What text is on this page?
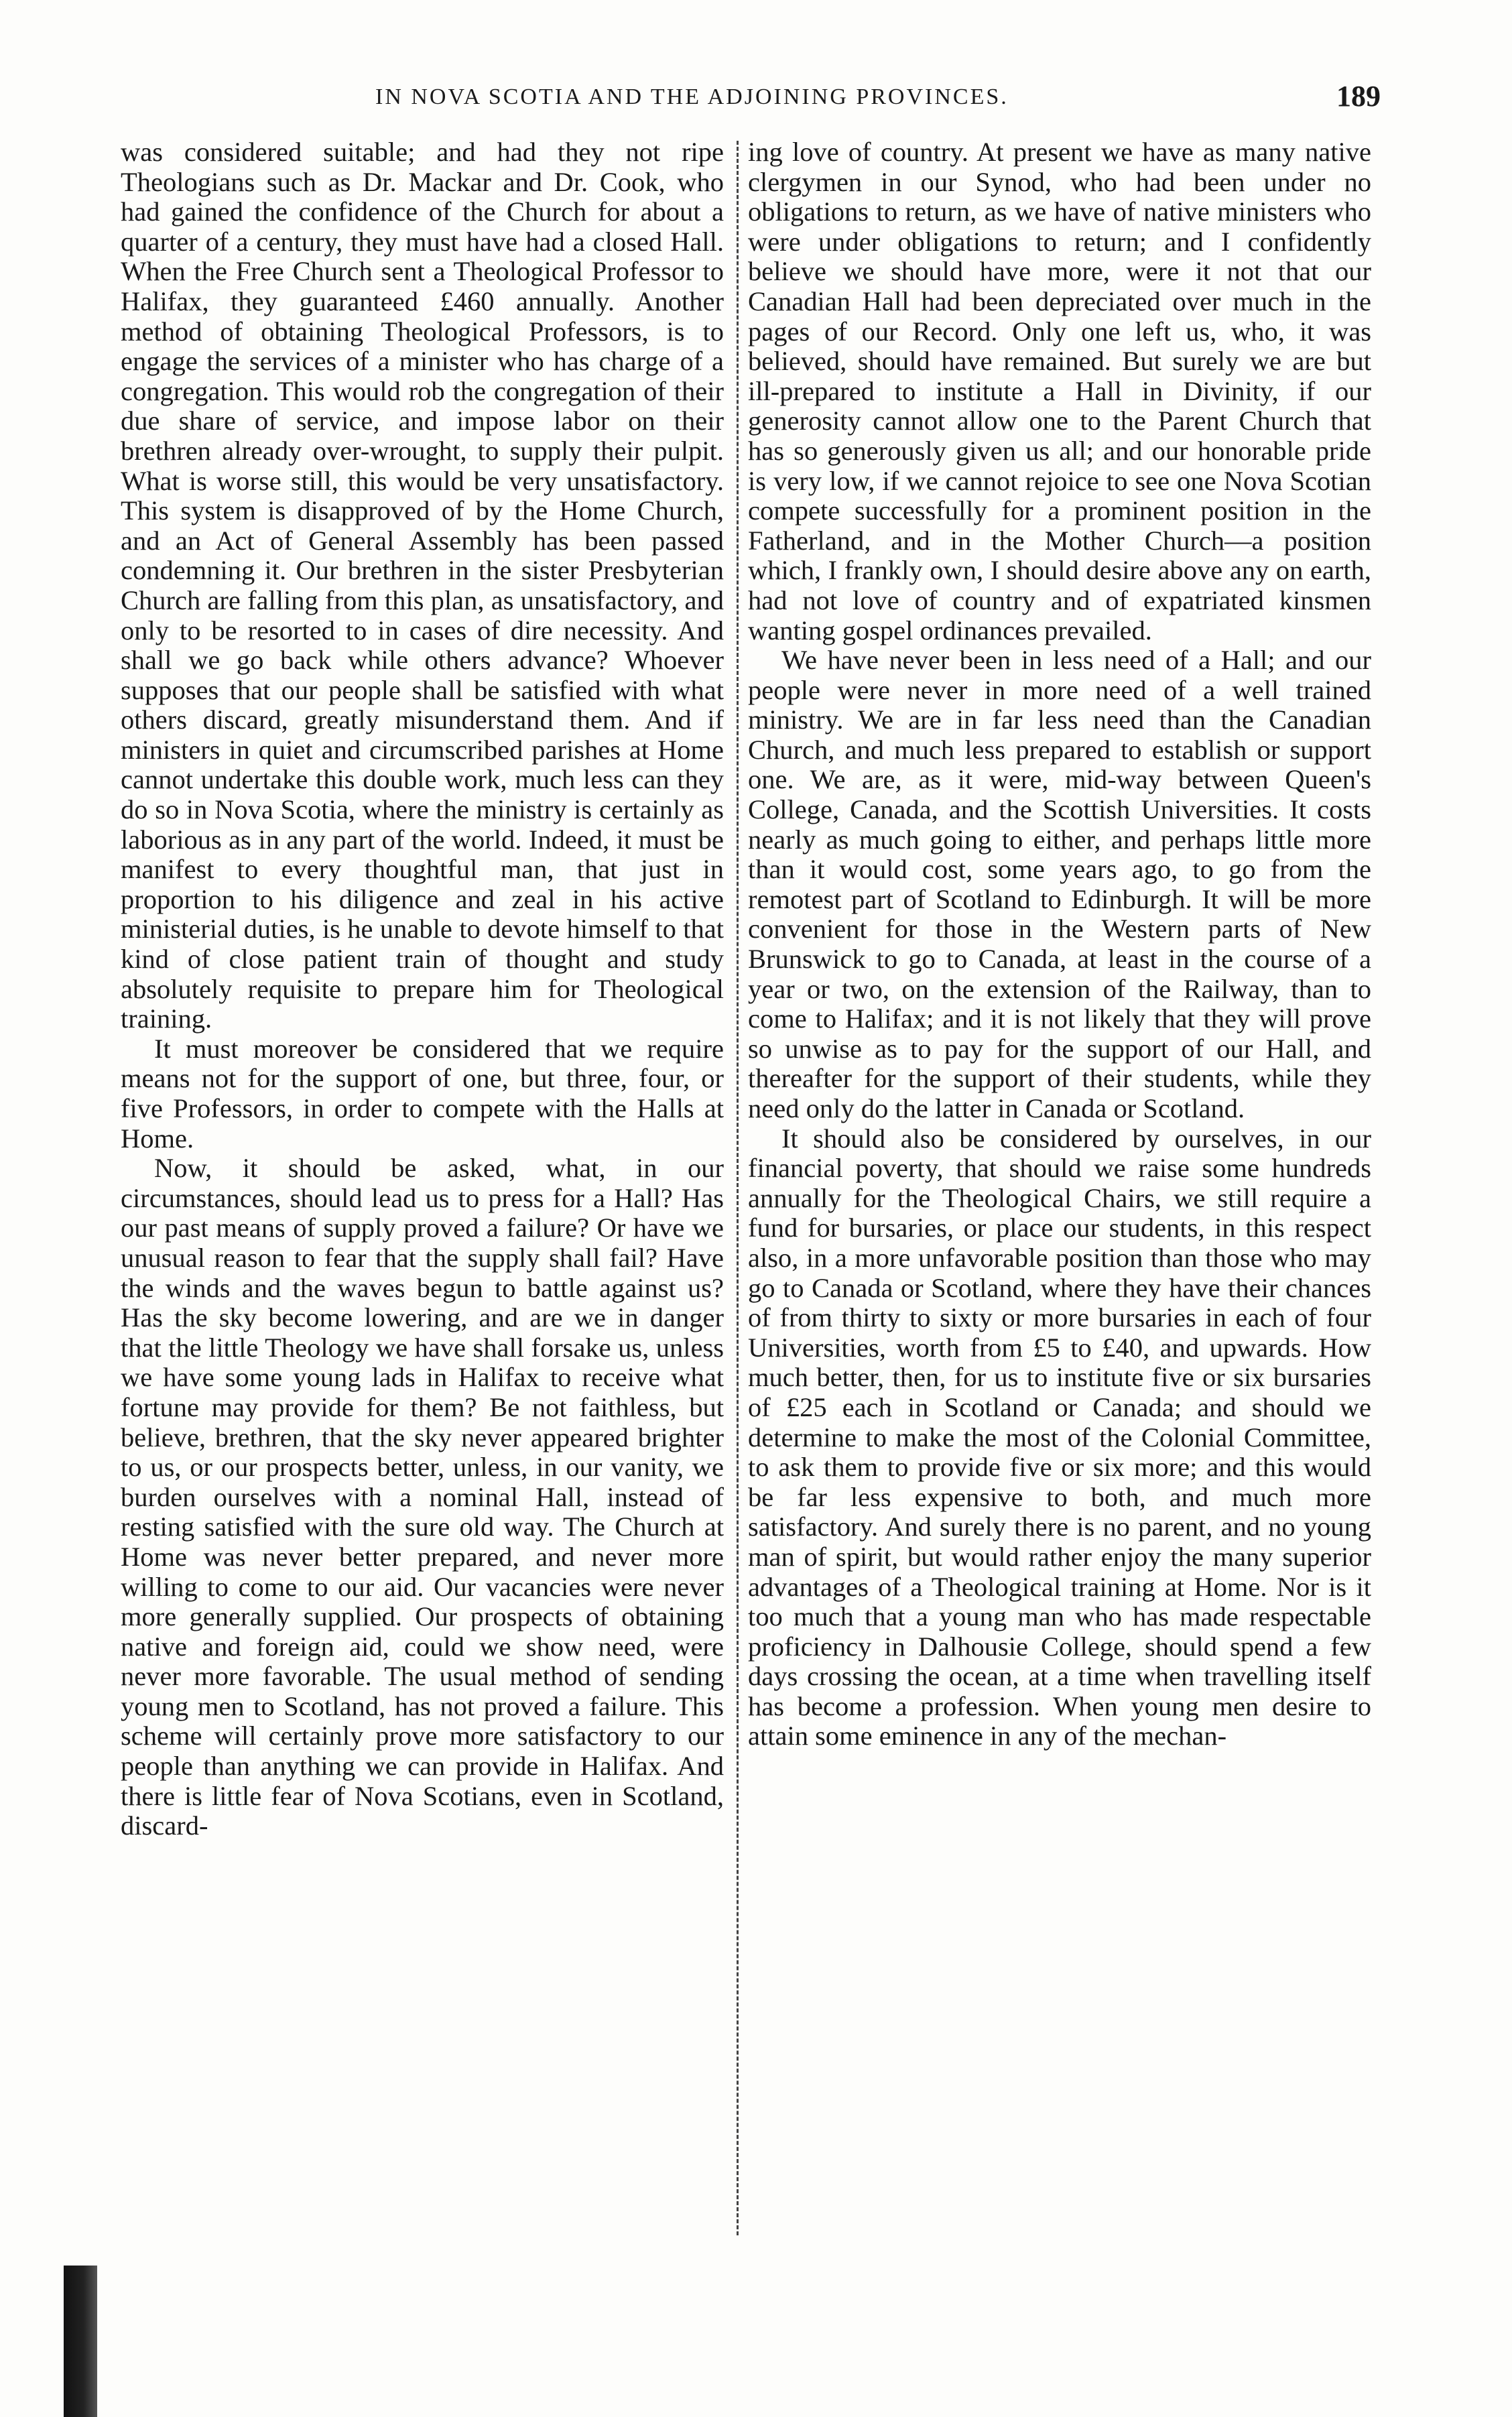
IN NOVA SCOTIA AND THE ADJOINING PROVINCES.	189

was considered suitable; and had they not ripe Theologians such as Dr. Mackar and Dr. Cook, who had gained the confidence of the Church for about a quarter of a century, they must have had a closed Hall. When the Free Church sent a Theological Professor to Halifax, they guaranteed £460 annually. Another method of obtaining Theological Professors, is to engage the services of a minister who has charge of a congregation. This would rob the congregation of their due share of service, and impose labor on their brethren already over-wrought, to supply their pulpit. What is worse still, this would be very unsatisfactory. This system is disapproved of by the Home Church, and an Act of General Assembly has been passed condemning it. Our brethren in the sister Presbyterian Church are falling from this plan, as unsatisfactory, and only to be resorted to in cases of dire necessity. And shall we go back while others advance? Whoever supposes that our people shall be satisfied with what others discard, greatly misunderstand them. And if ministers in quiet and circumscribed parishes at Home cannot undertake this double work, much less can they do so in Nova Scotia, where the ministry is certainly as laborious as in any part of the world. Indeed, it must be manifest to every thoughtful man, that just in proportion to his diligence and zeal in his active ministerial duties, is he unable to devote himself to that kind of close patient train of thought and study absolutely requisite to prepare him for Theological training.

It must moreover be considered that we require means not for the support of one, but three, four, or five Professors, in order to compete with the Halls at Home.

Now, it should be asked, what, in our circumstances, should lead us to press for a Hall? Has our past means of supply proved a failure? Or have we unusual reason to fear that the supply shall fail? Have the winds and the waves begun to battle against us? Has the sky become lowering, and are we in danger that the little Theology we have shall forsake us, unless we have some young lads in Halifax to receive what fortune may provide for them? Be not faithless, but believe, brethren, that the sky never appeared brighter to us, or our prospects better, unless, in our vanity, we burden ourselves with a nominal Hall, instead of resting satisfied with the sure old way. The Church at Home was never better prepared, and never more willing to come to our aid. Our vacancies were never more generally supplied. Our prospects of obtaining native and foreign aid, could we show need, were never more favorable. The usual method of sending young men to Scotland, has not proved a failure. This scheme will certainly prove more satisfactory to our people than anything we can provide in Halifax. And there is little fear of Nova Scotians, even in Scotland, discard-

ing love of country. At present we have as many native clergymen in our Synod, who had been under no obligations to return, as we have of native ministers who were under obligations to return; and I confidently believe we should have more, were it not that our Canadian Hall had been depreciated over much in the pages of our Record. Only one left us, who, it was believed, should have remained. But surely we are but ill-prepared to institute a Hall in Divinity, if our generosity cannot allow one to the Parent Church that has so generously given us all; and our honorable pride is very low, if we cannot rejoice to see one Nova Scotian compete successfully for a prominent position in the Fatherland, and in the Mother Church—a position which, I frankly own, I should desire above any on earth, had not love of country and of expatriated kinsmen wanting gospel ordinances prevailed.

We have never been in less need of a Hall; and our people were never in more need of a well trained ministry. We are in far less need than the Canadian Church, and much less prepared to establish or support one. We are, as it were, mid-way between Queen's College, Canada, and the Scottish Universities. It costs nearly as much going to either, and perhaps little more than it would cost, some years ago, to go from the remotest part of Scotland to Edinburgh. It will be more convenient for those in the Western parts of New Brunswick to go to Canada, at least in the course of a year or two, on the extension of the Railway, than to come to Halifax; and it is not likely that they will prove so unwise as to pay for the support of our Hall, and thereafter for the support of their students, while they need only do the latter in Canada or Scotland.

It should also be considered by ourselves, in our financial poverty, that should we raise some hundreds annually for the Theological Chairs, we still require a fund for bursaries, or place our students, in this respect also, in a more unfavorable position than those who may go to Canada or Scotland, where they have their chances of from thirty to sixty or more bursaries in each of four Universities, worth from £5 to £40, and upwards. How much better, then, for us to institute five or six bursaries of £25 each in Scotland or Canada; and should we determine to make the most of the Colonial Committee, to ask them to provide five or six more; and this would be far less expensive to both, and much more satisfactory. And surely there is no parent, and no young man of spirit, but would rather enjoy the many superior advantages of a Theological training at Home. Nor is it too much that a young man who has made respectable proficiency in Dalhousie College, should spend a few days crossing the ocean, at a time when travelling itself has become a profession. When young men desire to attain some eminence in any of the mechan-
